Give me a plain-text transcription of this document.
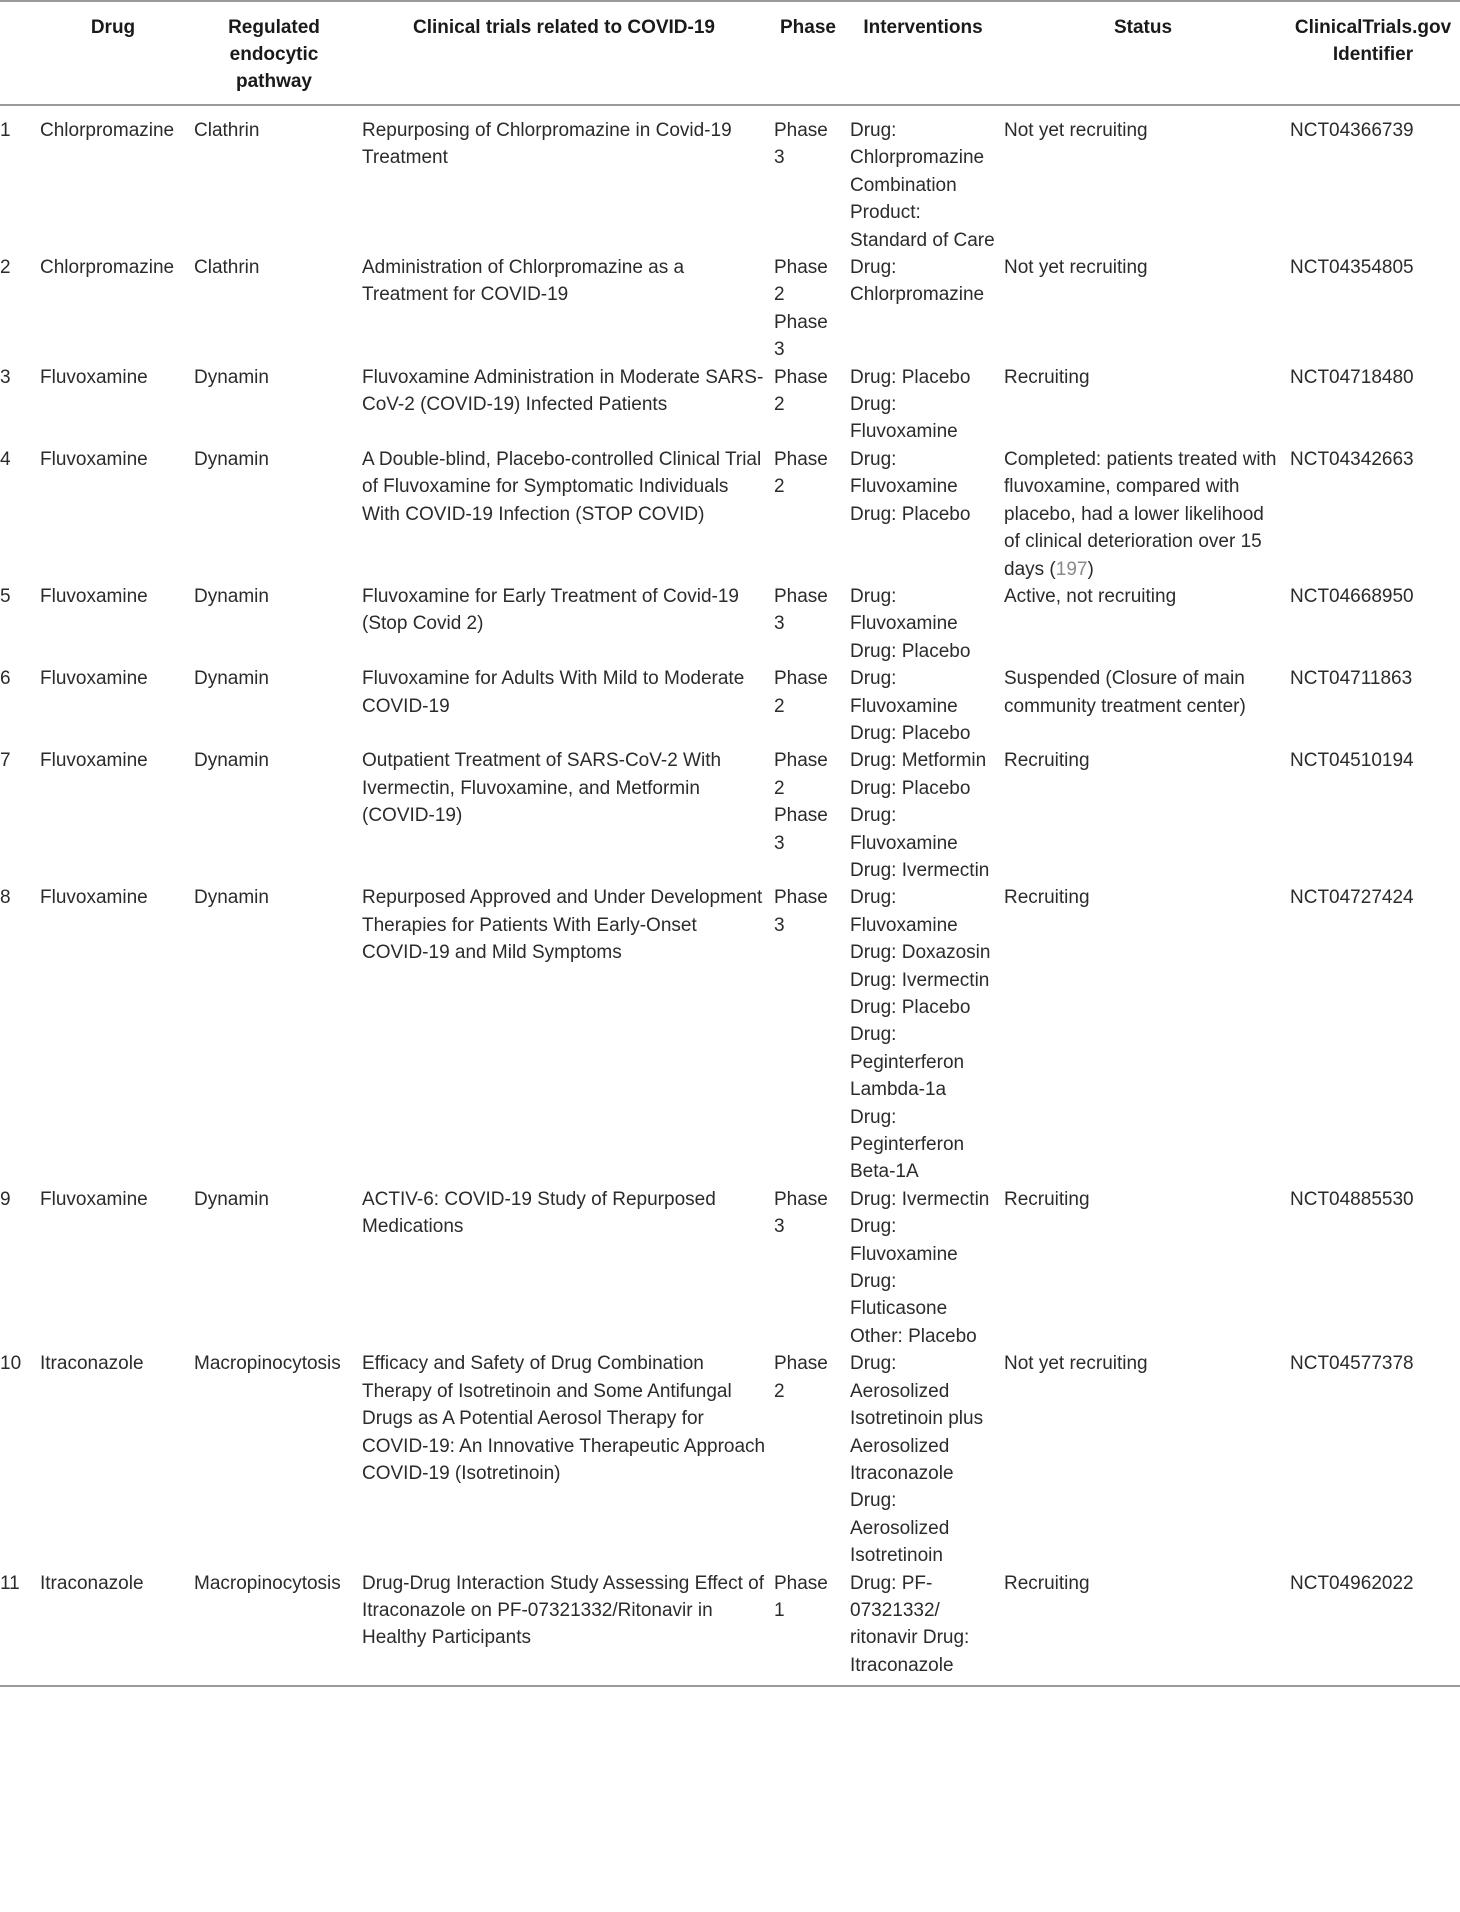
	Drug	Regulated endocytic pathway	Clinical trials related to COVID-19	Phase	Interventions	Status	ClinicalTrials.gov Identifier
1	Chlorpromazine	Clathrin	Repurposing of Chlorpromazine in Covid-19 Treatment	Phase 3	Drug: Chlorpromazine Combination Product: Standard of Care	Not yet recruiting	NCT04366739
2	Chlorpromazine	Clathrin	Administration of Chlorpromazine as a Treatment for COVID-19	Phase 2 Phase 3	Drug: Chlorpromazine	Not yet recruiting	NCT04354805
3	Fluvoxamine	Dynamin	Fluvoxamine Administration in Moderate SARS-CoV-2 (COVID-19) Infected Patients	Phase 2	Drug: Placebo Drug: Fluvoxamine	Recruiting	NCT04718480
4	Fluvoxamine	Dynamin	A Double-blind, Placebo-controlled Clinical Trial of Fluvoxamine for Symptomatic Individuals With COVID-19 Infection (STOP COVID)	Phase 2	Drug: Fluvoxamine Drug: Placebo	Completed: patients treated with fluvoxamine, compared with placebo, had a lower likelihood of clinical deterioration over 15 days (197)	NCT04342663
5	Fluvoxamine	Dynamin	Fluvoxamine for Early Treatment of Covid-19 (Stop Covid 2)	Phase 3	Drug: Fluvoxamine Drug: Placebo	Active, not recruiting	NCT04668950
6	Fluvoxamine	Dynamin	Fluvoxamine for Adults With Mild to Moderate COVID-19	Phase 2	Drug: Fluvoxamine Drug: Placebo	Suspended (Closure of main community treatment center)	NCT04711863
7	Fluvoxamine	Dynamin	Outpatient Treatment of SARS-CoV-2 With Ivermectin, Fluvoxamine, and Metformin (COVID-19)	Phase 2 Phase 3	Drug: Metformin Drug: Placebo Drug: Fluvoxamine Drug: Ivermectin	Recruiting	NCT04510194
8	Fluvoxamine	Dynamin	Repurposed Approved and Under Development Therapies for Patients With Early-Onset COVID-19 and Mild Symptoms	Phase 3	Drug: Fluvoxamine Drug: Doxazosin Drug: Ivermectin Drug: Placebo Drug: Peginterferon Lambda-1a Drug: Peginterferon Beta-1A	Recruiting	NCT04727424
9	Fluvoxamine	Dynamin	ACTIV-6: COVID-19 Study of Repurposed Medications	Phase 3	Drug: Ivermectin Drug: Fluvoxamine Drug: Fluticasone Other: Placebo	Recruiting	NCT04885530
10	Itraconazole	Macropinocytosis	Efficacy and Safety of Drug Combination Therapy of Isotretinoin and Some Antifungal Drugs as A Potential Aerosol Therapy for COVID-19: An Innovative Therapeutic Approach COVID-19 (Isotretinoin)	Phase 2	Drug: Aerosolized Isotretinoin plus Aerosolized Itraconazole Drug: Aerosolized Isotretinoin	Not yet recruiting	NCT04577378
11	Itraconazole	Macropinocytosis	Drug-Drug Interaction Study Assessing Effect of Itraconazole on PF-07321332/Ritonavir in Healthy Participants	Phase 1	Drug: PF-07321332/ ritonavir Drug: Itraconazole	Recruiting	NCT04962022
